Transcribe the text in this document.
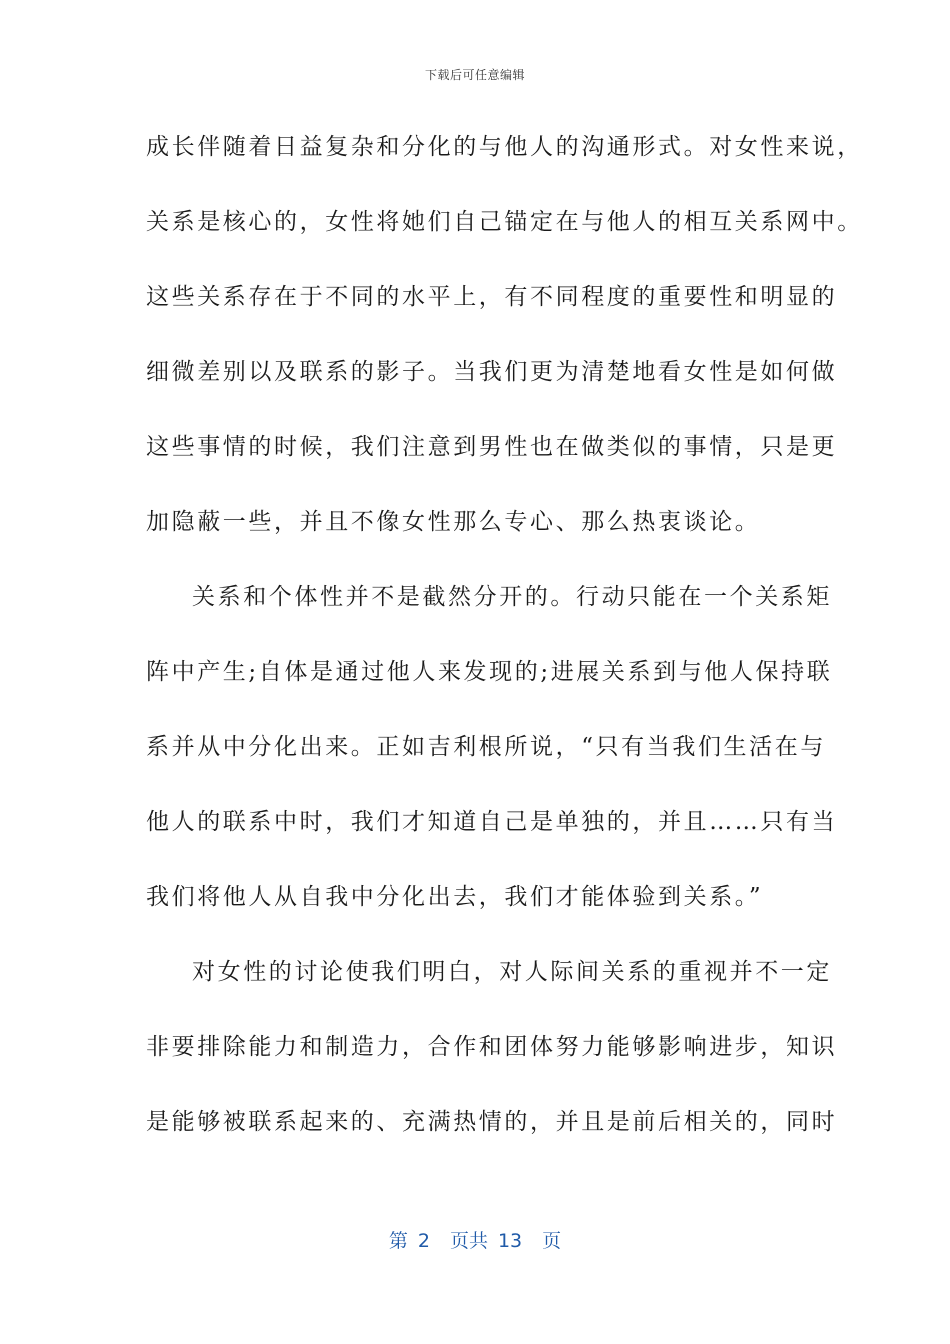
下载后可任意编辑
成长伴随着日益复杂和分化的与他人的沟通形式。对女性来说，
关系是核心的，女性将她们自己锚定在与他人的相互关系网中。
这些关系存在于不同的水平上，有不同程度的重要性和明显的
细微差别以及联系的影子。当我们更为清楚地看女性是如何做
这些事情的时候，我们注意到男性也在做类似的事情，只是更
加隐蔽一些，并且不像女性那么专心、那么热衷谈论。
关系和个体性并不是截然分开的。行动只能在一个关系矩
阵中产生;自体是通过他人来发现的;进展关系到与他人保持联
系并从中分化出来。正如吉利根所说，“只有当我们生活在与
他人的联系中时，我们才知道自己是单独的，并且……只有当
我们将他人从自我中分化出去，我们才能体验到关系。”
对女性的讨论使我们明白，对人际间关系的重视并不一定
非要排除能力和制造力，合作和团体努力能够影响进步，知识
是能够被联系起来的、充满热情的，并且是前后相关的，同时
第 2 页共 13 页
